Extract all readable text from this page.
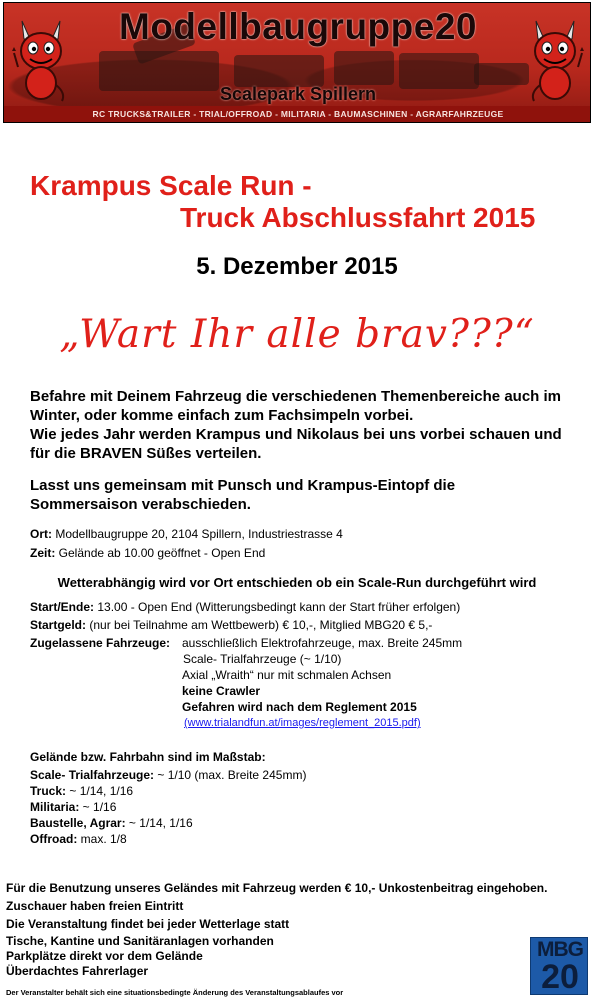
Modellbaugruppe20
Scalepark Spillern
RC TRUCKS&TRAILER - TRIAL/OFFROAD - MILITARIA - BAUMASCHINEN - AGRARFAHRZEUGE
Krampus Scale Run -
Truck Abschlussfahrt 2015
5. Dezember 2015
„Wart Ihr alle brav???“
Befahre mit Deinem Fahrzeug die verschiedenen Themenbereiche auch im
Winter, oder komme einfach zum Fachsimpeln vorbei.
Wie jedes Jahr werden Krampus und Nikolaus bei uns vorbei schauen und
für die BRAVEN Süßes verteilen.
Lasst uns gemeinsam mit Punsch und Krampus-Eintopf die
Sommersaison verabschieden.
Ort: Modellbaugruppe 20, 2104 Spillern, Industriestrasse 4
Zeit: Gelände ab 10.00 geöffnet - Open End
Wetterabhängig wird vor Ort entschieden ob ein Scale-Run durchgeführt wird
Start/Ende: 13.00 - Open End (Witterungsbedingt kann der Start früher erfolgen)
Startgeld: (nur bei Teilnahme am Wettbewerb) € 10,-, Mitglied MBG20 € 5,-
Zugelassene Fahrzeuge: ausschließlich Elektrofahrzeuge, max. Breite 245mm
Scale- Trialfahrzeuge (~ 1/10)
Axial „Wraith“ nur mit schmalen Achsen
keine Crawler
Gefahren wird nach dem Reglement 2015
(www.trialandfun.at/images/reglement_2015.pdf)
Gelände bzw. Fahrbahn sind im Maßstab:
Scale- Trialfahrzeuge: ~ 1/10 (max. Breite 245mm)
Truck: ~ 1/14, 1/16
Militaria: ~ 1/16
Baustelle, Agrar: ~ 1/14, 1/16
Offroad: max. 1/8
Für die Benutzung unseres Geländes mit Fahrzeug werden € 10,- Unkostenbeitrag eingehoben.
Zuschauer haben freien Eintritt
Die Veranstaltung findet bei jeder Wetterlage statt
Tische, Kantine und Sanitäranlagen vorhanden
Parkplätze direkt vor dem Gelände
Überdachtes Fahrerlager
Der Veranstalter behält sich eine situationsbedingte Änderung des Veranstaltungsablaufes vor
MBG
20
